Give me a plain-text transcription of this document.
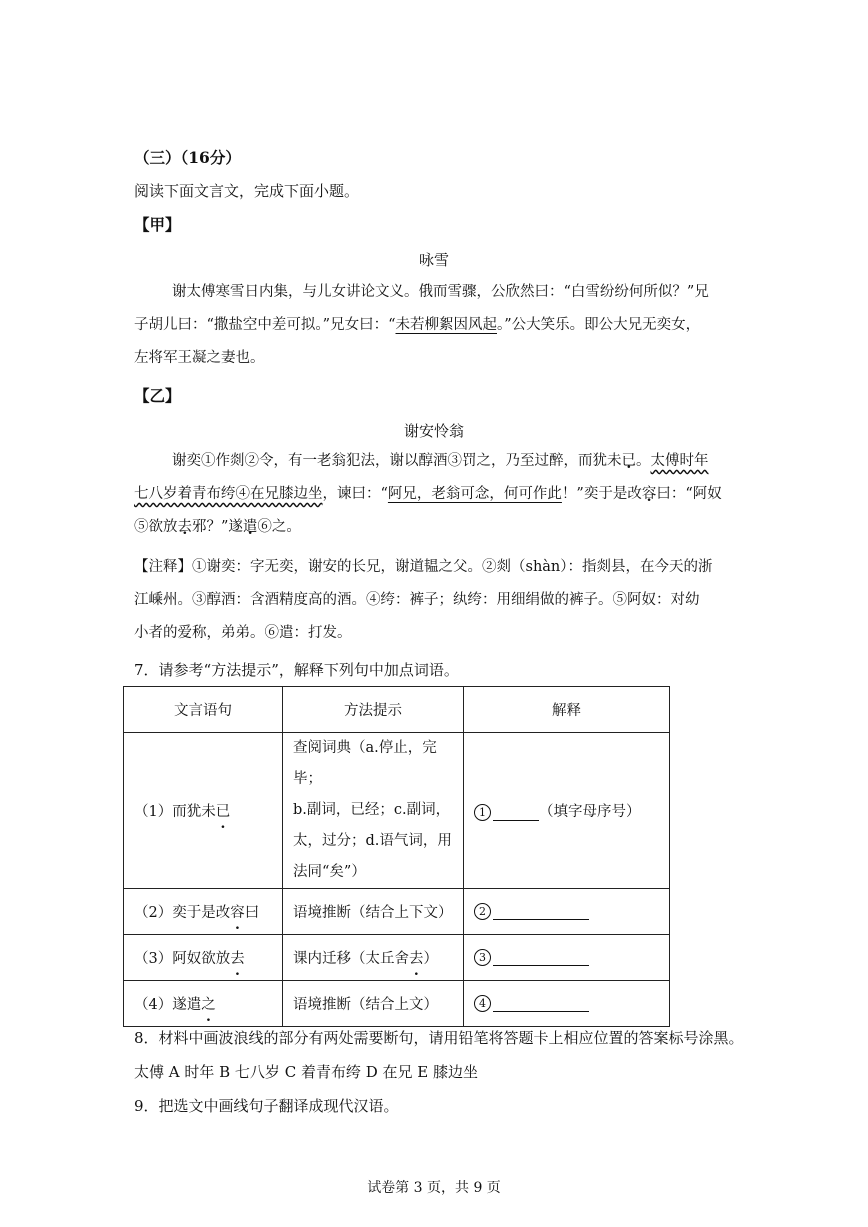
（三）（16分）
阅读下面文言文，完成下面小题。
【甲】
咏雪
谢太傅寒雪日内集，与儿女讲论文义。俄而雪骤，公欣然曰：“白雪纷纷何所似？”兄
子胡儿曰：“撒盐空中差可拟。”兄女曰：“未若柳絮因风起。”公大笑乐。即公大兄无奕女，
左将军王凝之妻也。
【乙】
谢安怜翁
谢奕①作剡②令，有一老翁犯法，谢以醇酒③罚之，乃至过醉，而犹未已 .。太傅时年
七八岁着青布绔④在兄膝边坐，谏曰：“阿兄，老翁可念，何可作此！”奕于是改容 .曰：“阿奴
⑤欲放去 .邪？”遂遣 .⑥之。
【注释】①谢奕：字无奕，谢安的长兄，谢道韫之父。②剡（shàn）：指剡县，在今天的浙
江嵊州。③醇酒：含酒精度高的酒。④绔：裤子；纨绔：用细绢做的裤子。⑤阿奴：对幼
小者的爱称，弟弟。⑥遣：打发。
7．请参考“方法提示”，解释下列句中加点词语。
文言语句	方法提示	解释
（1）而犹未已	查阅词典（a.停止，完毕；
b.副词，已经；c.副词，
太，过分；d.语气词，用
法同“矣”）	1 （填字母序号）
（2）奕于是改容曰	语境推断（结合上下文）	2
（3）阿奴欲放去	课内迁移（太丘舍去）	3
（4）遂遣之	语境推断（结合上文）	4
8．材料中画波浪线的部分有两处需要断句，请用铅笔将答题卡上相应位置的答案标号涂黑。
太傅 A 时年 B 七八岁 C 着青布绔 D 在兄 E 膝边坐
9．把选文中画线句子翻译成现代汉语。
试卷第 3 页，共 9 页
